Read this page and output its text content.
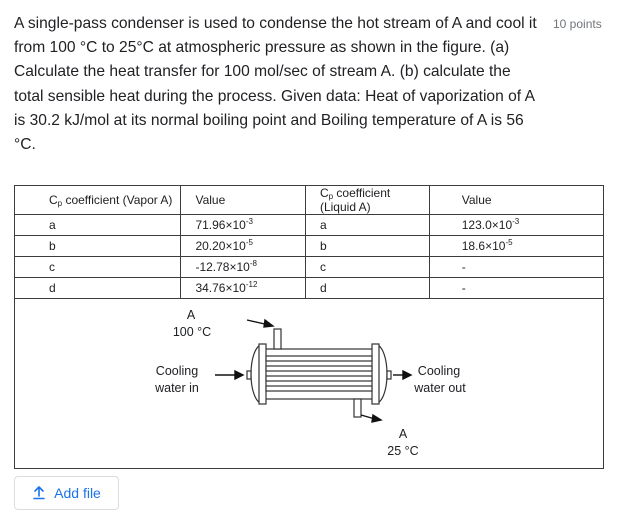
A single-pass condenser is used to condense the hot stream of A and cool it from 100 °C to 25°C at atmospheric pressure as shown in the figure. (a) Calculate the heat transfer for 100 mol/sec of stream A. (b) calculate the total sensible heat during the process. Given data: Heat of vaporization of A is 30.2 kJ/mol at its normal boiling point and Boiling temperature of A is 56 °C.

10 points
$C_p$ coefficient (Vapor A)	Value	$C_p$ coefficient (Liquid A)	Value
a	$71.96\times 10^{-3}$	a	$123.0\times 10^{-3}$
b	$20.20\times 10^{-5}$	b	$18.6\times 10^{-5}$
c	$-12.78\times 10^{-8}$	c	-
d	$34.76\times 10^{-12}$	d	-
A
100 °C
Cooling
water in
Cooling
water out
A
25 °C
Add file
